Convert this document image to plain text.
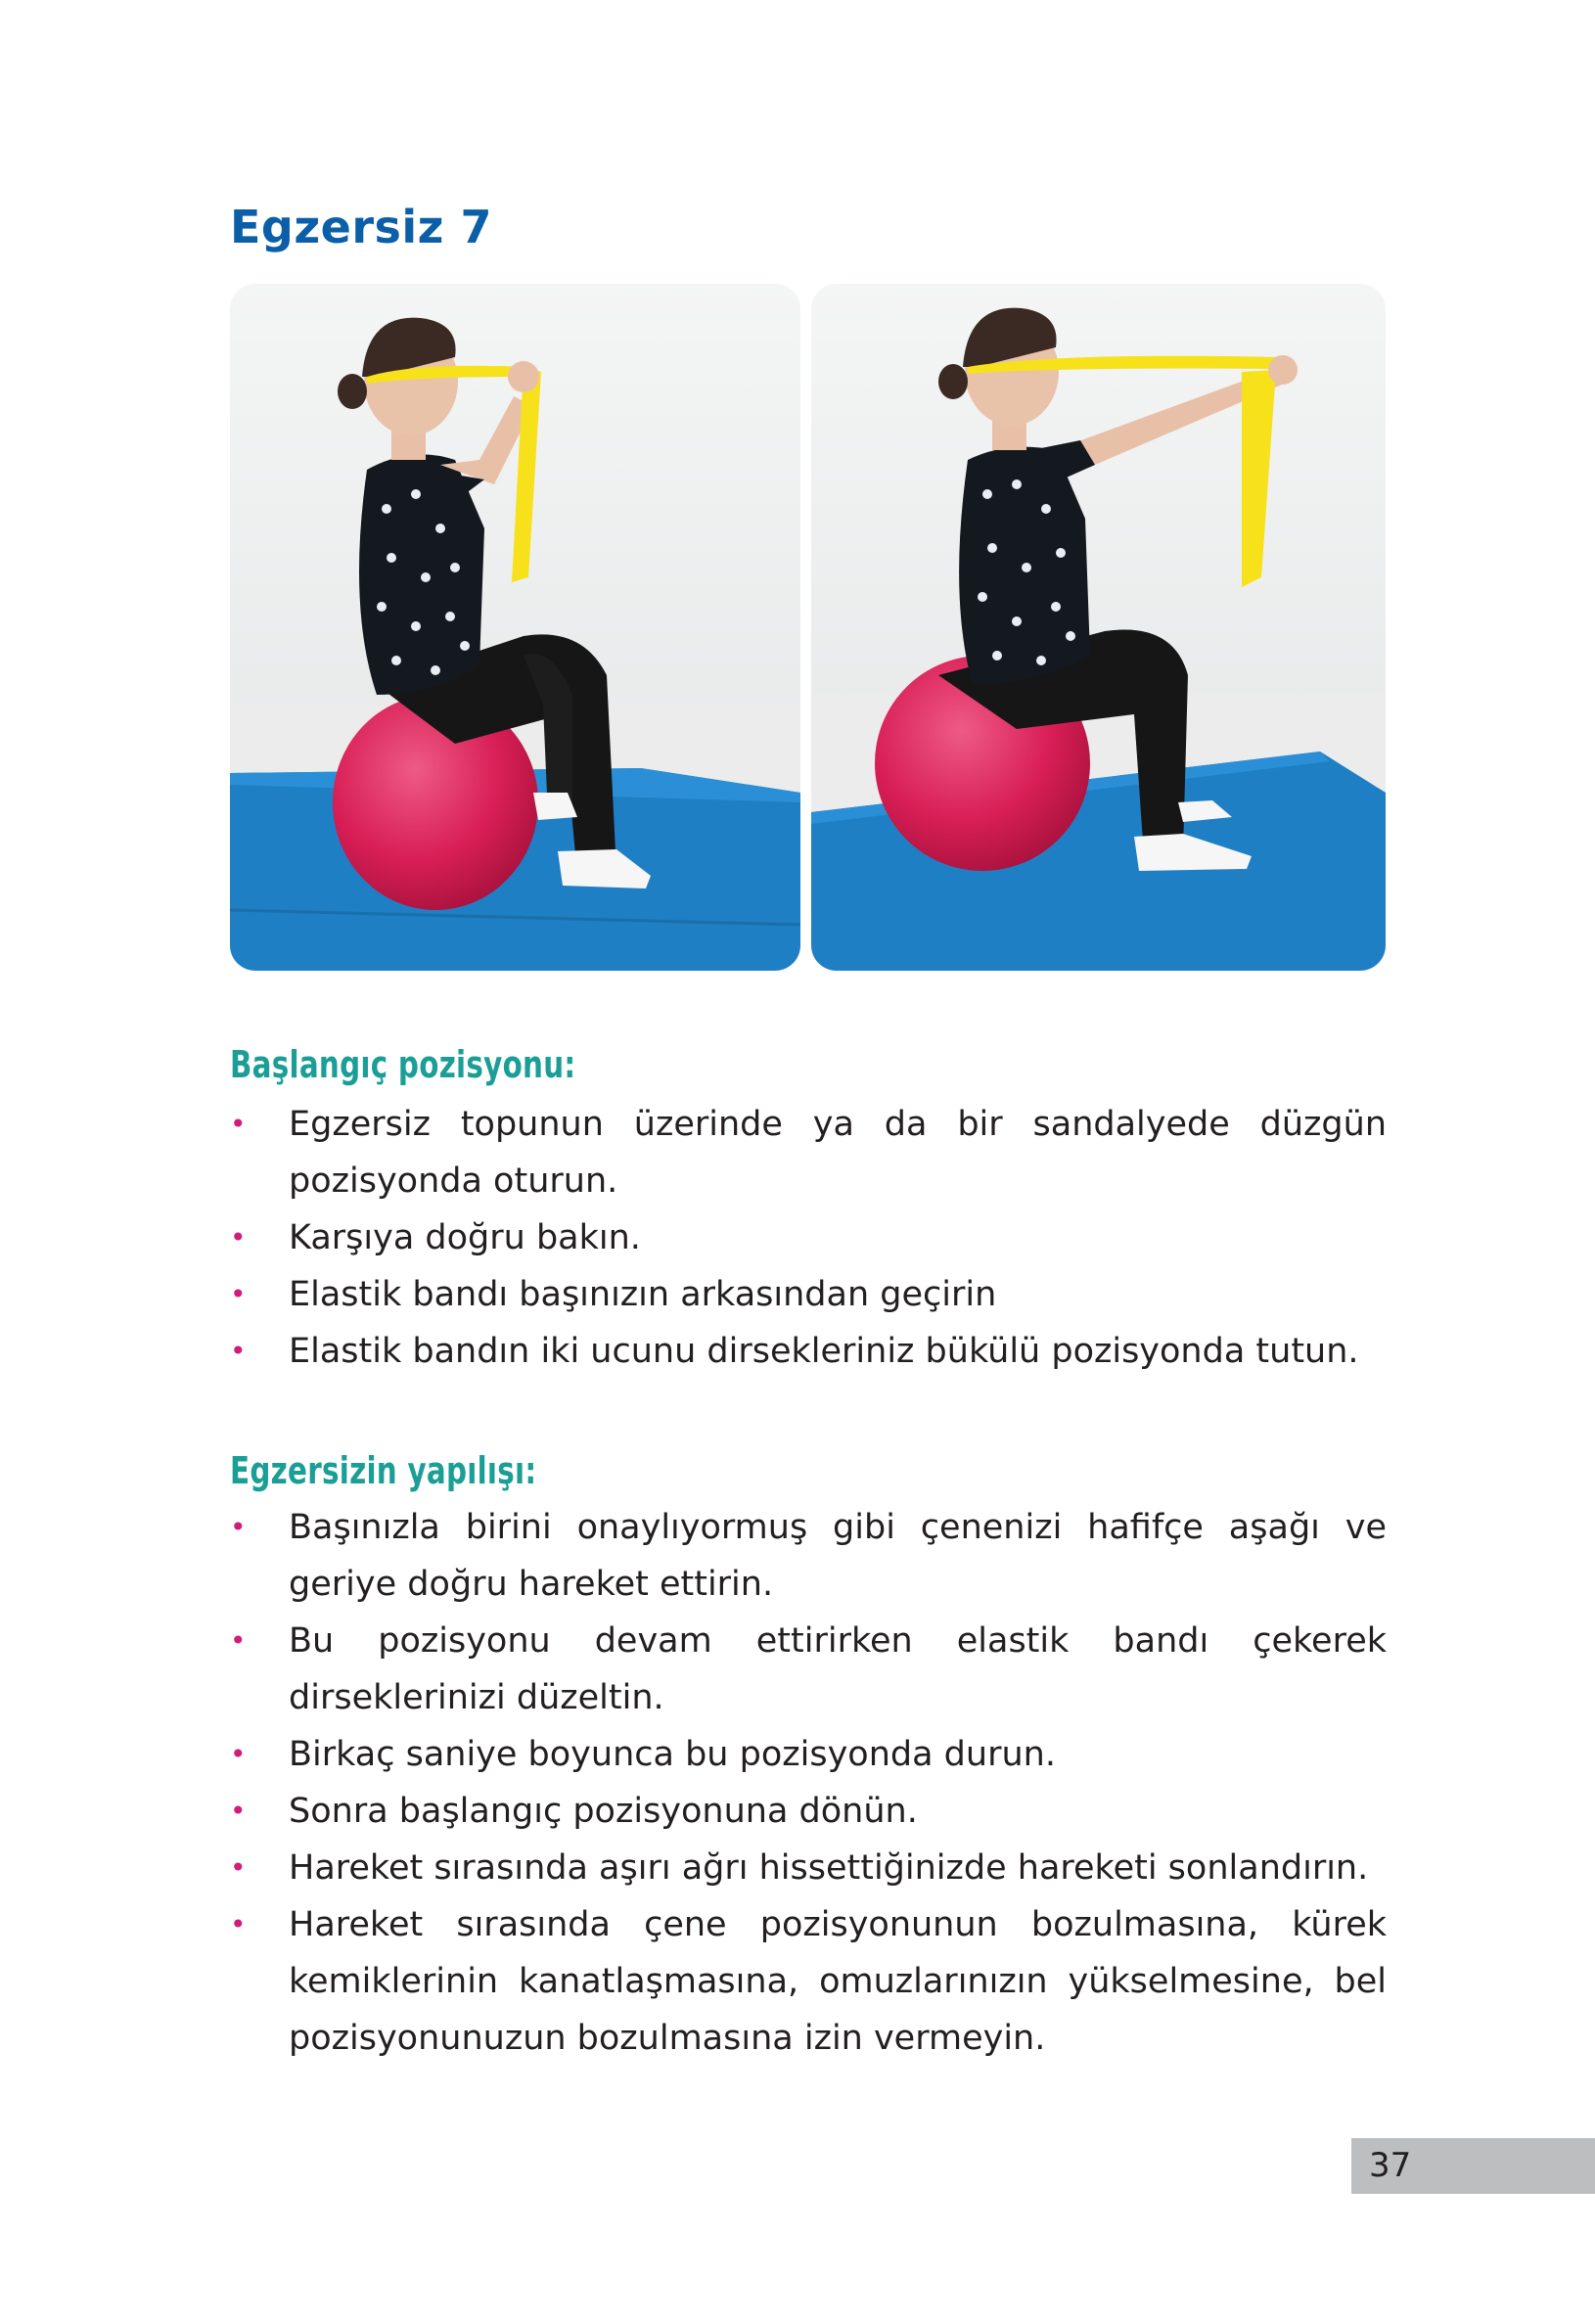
Egzersiz 7
Başlangıç pozisyonu:
• Egzersiz topunun üzerinde ya da bir sandalyede düzgün pozisyonda oturun.
• Karşıya doğru bakın.
• Elastik bandı başınızın arkasından geçirin
• Elastik bandın iki ucunu dirsekleriniz bükülü pozisyonda tutun.
Egzersizin yapılışı:
• Başınızla birini onaylıyormuş gibi çenenizi hafifçe aşağı ve geriye doğru hareket ettirin.
• Bu pozisyonu devam ettirirken elastik bandı çekerek dirseklerinizi düzeltin.
• Birkaç saniye boyunca bu pozisyonda durun.
• Sonra başlangıç pozisyonuna dönün.
• Hareket sırasında aşırı ağrı hissettiğinizde hareketi sonlandırın.
• Hareket sırasında çene pozisyonunun bozulmasına, kürek kemiklerinin kanatlaşmasına, omuzlarınızın yükselmesine, bel pozisyonunuzun bozulmasına izin vermeyin.
37
